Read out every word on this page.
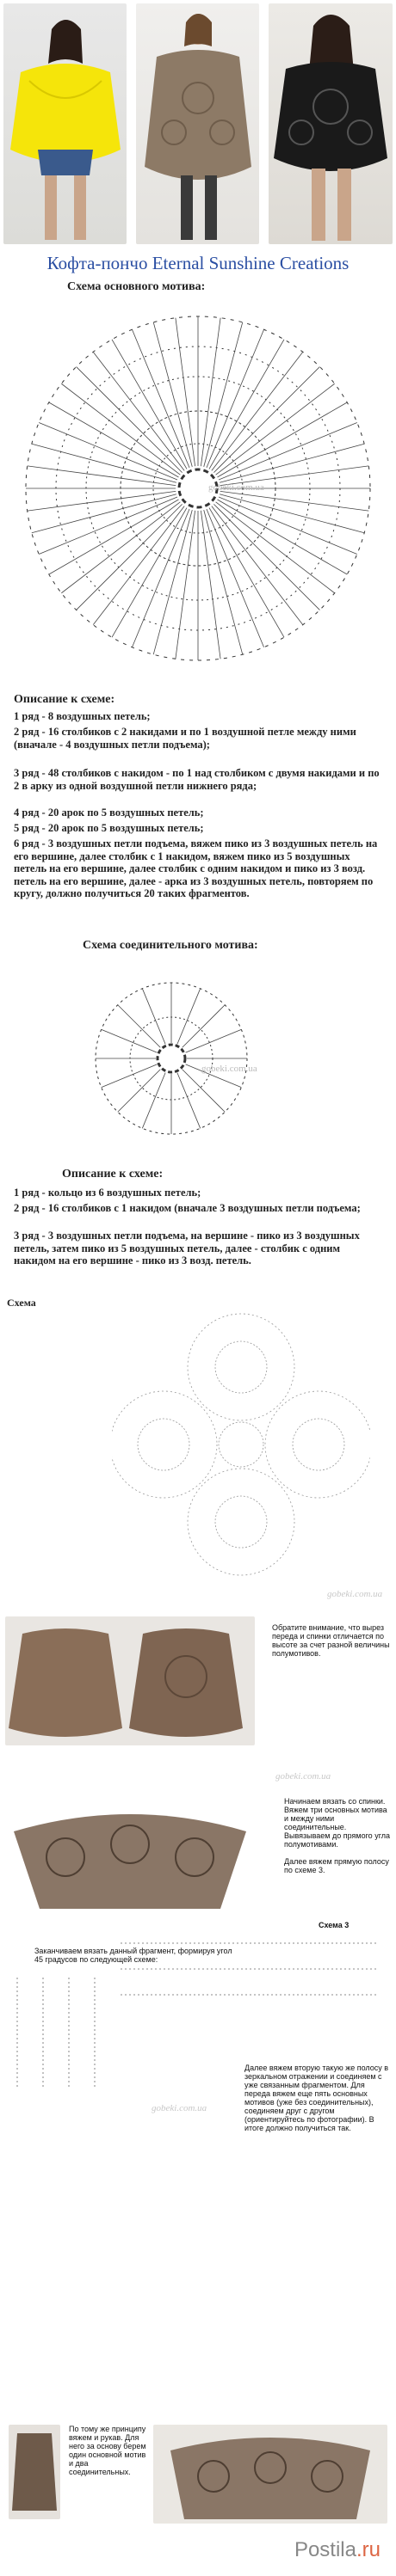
Кофта-пончо Eternal Sunshine Creations
Схема основного мотива:
gobeki.com.ua
Описание к схеме:
1 ряд - 8 воздушных петель;
2 ряд - 16 столбиков с 2 накидами и по 1 воздушной петле между ними (вначале - 4 воздушных петли подъема);
3 ряд - 48 столбиков с накидом - по 1 над столбиком с двумя накидами и по 2 в арку из одной воздушной петли нижнего ряда;
4 ряд - 20 арок по 5 воздушных петель;
5 ряд - 20 арок по 5 воздушных петель;
6 ряд - 3 воздушных петли подъема, вяжем пико из 3 воздушных петель на его вершине, далее столбик с 1 накидом, вяжем пико из 5 воздушных петель на его вершине, далее столбик с одним накидом и пико из 3 возд. петель на его вершине, далее - арка из 3 воздушных петель, повторяем по кругу, должно получиться 20 таких фрагментов.
Схема соединительного мотива:
gobeki.com.ua
Описание к схеме:
1 ряд - кольцо из 6 воздушных петель;
2 ряд - 16 столбиков с 1 накидом (вначале 3 воздушных петли подъема;
3 ряд - 3 воздушных петли подъема, на вершине - пико из 3 воздушных петель, затем пико из 5 воздушных петель, далее - столбик с одним накидом на его вершине - пико из 3 возд. петель.
Схема
gobeki.com.ua
Обратите внимание, что вырез переда и спинки отличается по высоте за счет разной величины полумотивов.
gobeki.com.ua
Начинаем вязать со спинки. Вяжем три основных мотива и между ними соединительные. Вывязываем до прямого угла полумотивами.
Далее вяжем прямую полосу по схеме 3.
Схема 3
Заканчиваем вязать данный фрагмент, формируя угол 45 градусов по следующей схеме:
Далее вяжем вторую такую же полосу в зеркальном отражении и соединяем с уже связанным фрагментом. Для переда вяжем еще пять основных мотивов (уже без соединительных), соединяем друг с другом (ориентируйтесь по фотографии). В итоге должно получиться так.
gobeki.com.ua
По тому же принципу вяжем и рукав. Для него за основу берем один основной мотив и два соединительных.
Postila.ru
